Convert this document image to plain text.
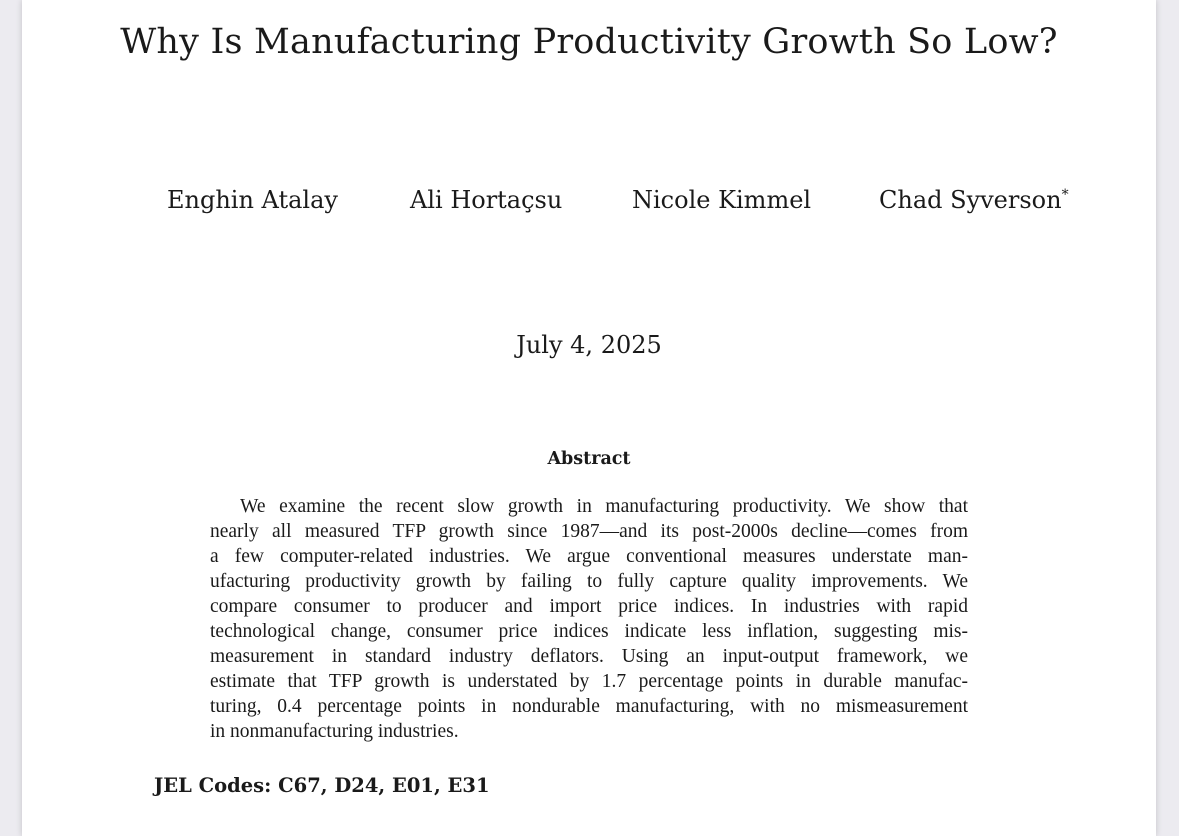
Why Is Manufacturing Productivity Growth So Low?
Enghin Atalay	Ali Hortaçsu	Nicole Kimmel	Chad Syverson*
July 4, 2025
Abstract
We examine the recent slow growth in manufacturing productivity. We show that
nearly all measured TFP growth since 1987—and its post-2000s decline—comes from
a few computer-related industries. We argue conventional measures understate man-
ufacturing productivity growth by failing to fully capture quality improvements. We
compare consumer to producer and import price indices. In industries with rapid
technological change, consumer price indices indicate less inflation, suggesting mis-
measurement in standard industry deflators. Using an input-output framework, we
estimate that TFP growth is understated by 1.7 percentage points in durable manufac-
turing, 0.4 percentage points in nondurable manufacturing, with no mismeasurement
in nonmanufacturing industries.
JEL Codes: C67, D24, E01, E31
